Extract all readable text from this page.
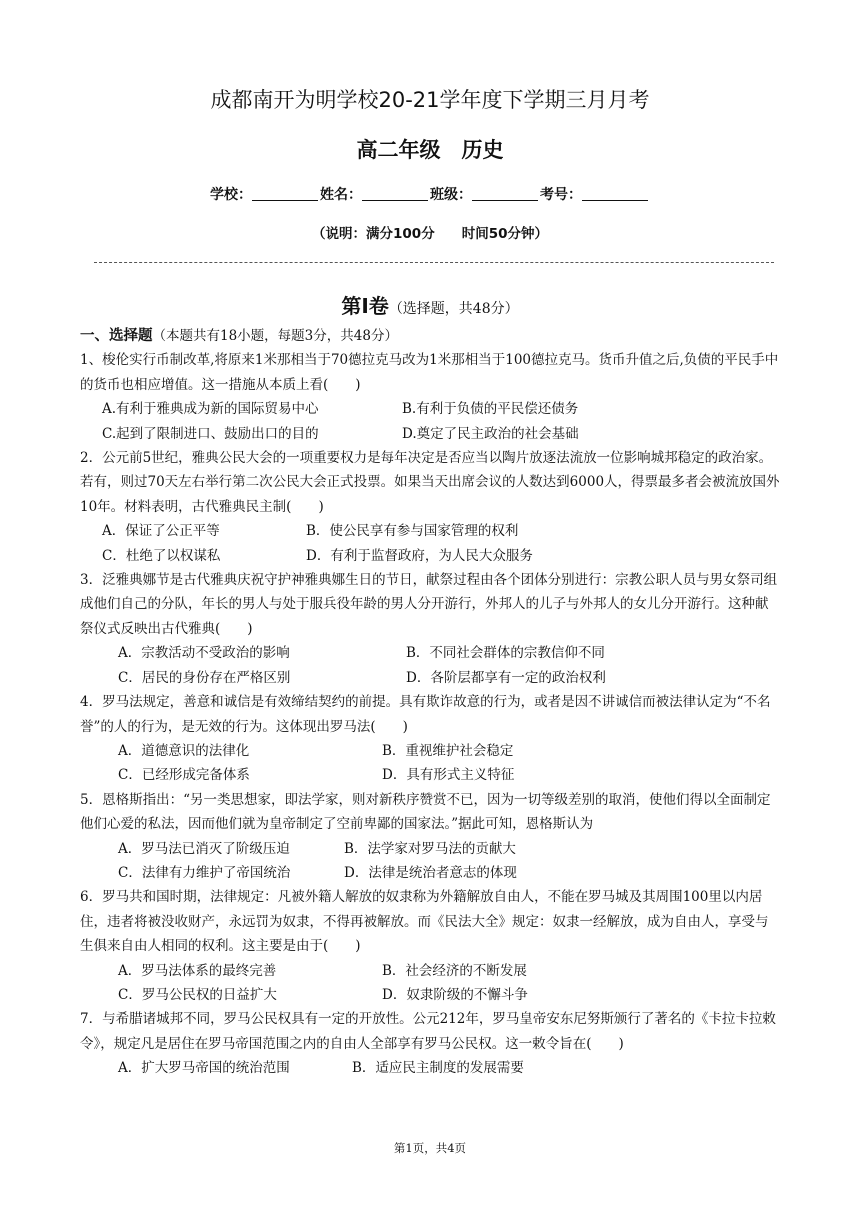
成都南开为明学校20-21学年度下学期三月月考
高二年级　历史
学校：	姓名：	班级：	考号：
（说明：满分100分　　时间50分钟）
第Ⅰ卷（选择题，共48分）
一、选择题（本题共有18小题，每题3分，共48分）

1、梭伦实行币制改革,将原来1米那相当于70德拉克马改为1米那相当于100德拉克马。货币升值之后,负债的平民手中的货币也相应增值。这一措施从本质上看(　　)

A.有利于雅典成为新的国际贸易中心	B.有利于负债的平民偿还债务
C.起到了限制进口、鼓励出口的目的	D.奠定了民主政治的社会基础

2．公元前5世纪，雅典公民大会的一项重要权力是每年决定是否应当以陶片放逐法流放一位影响城邦稳定的政治家。若有，则过70天左右举行第二次公民大会正式投票。如果当天出席会议的人数达到6000人，得票最多者会被流放国外10年。材料表明，古代雅典民主制(　　)

A．保证了公正平等	B．使公民享有参与国家管理的权利
C．杜绝了以权谋私	D．有利于监督政府，为人民大众服务

3．泛雅典娜节是古代雅典庆祝守护神雅典娜生日的节日，献祭过程由各个团体分别进行：宗教公职人员与男女祭司组成他们自己的分队，年长的男人与处于服兵役年龄的男人分开游行，外邦人的儿子与外邦人的女儿分开游行。这种献祭仪式反映出古代雅典(　　)

A．宗教活动不受政治的影响	B．不同社会群体的宗教信仰不同
C．居民的身份存在严格区别	D．各阶层都享有一定的政治权利

4．罗马法规定，善意和诚信是有效缔结契约的前提。具有欺诈故意的行为，或者是因不讲诚信而被法律认定为“不名誉”的人的行为，是无效的行为。这体现出罗马法(　　)

A．道德意识的法律化	B．重视维护社会稳定
C．已经形成完备体系	D．具有形式主义特征

5．恩格斯指出：“另一类思想家，即法学家，则对新秩序赞赏不已，因为一切等级差别的取消，使他们得以全面制定他们心爱的私法，因而他们就为皇帝制定了空前卑鄙的国家法。”据此可知，恩格斯认为

A．罗马法已消灭了阶级压迫	B．法学家对罗马法的贡献大
C．法律有力维护了帝国统治	D．法律是统治者意志的体现

6．罗马共和国时期，法律规定：凡被外籍人解放的奴隶称为外籍解放自由人，不能在罗马城及其周围100里以内居住，违者将被没收财产，永远罚为奴隶，不得再被解放。而《民法大全》规定：奴隶一经解放，成为自由人，享受与生俱来自由人相同的权利。这主要是由于(　　)

A．罗马法体系的最终完善	B．社会经济的不断发展
C．罗马公民权的日益扩大	D．奴隶阶级的不懈斗争

7．与希腊诸城邦不同，罗马公民权具有一定的开放性。公元212年，罗马皇帝安东尼努斯颁行了著名的《卡拉卡拉敕令》，规定凡是居住在罗马帝国范围之内的自由人全部享有罗马公民权。这一敕令旨在(　　)

A．扩大罗马帝国的统治范围	B．适应民主制度的发展需要
第1页，共4页
